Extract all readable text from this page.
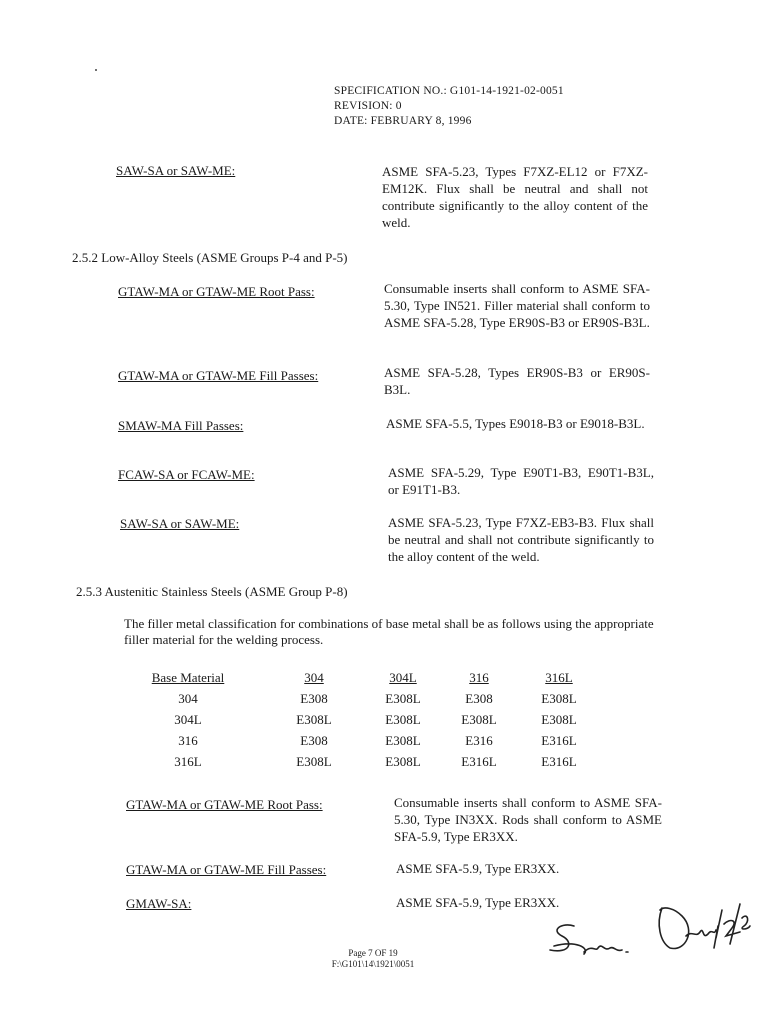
SPECIFICATION NO.: G101-14-1921-02-0051
REVISION: 0
DATE: FEBRUARY 8, 1996
SAW-SA or SAW-ME:	ASME SFA-5.23, Types F7XZ-EL12 or F7XZ-EM12K. Flux shall be neutral and shall not contribute significantly to the alloy content of the weld.
2.5.2 Low-Alloy Steels (ASME Groups P-4 and P-5)
GTAW-MA or GTAW-ME Root Pass:	Consumable inserts shall conform to ASME SFA-5.30, Type IN521. Filler material shall conform to ASME SFA-5.28, Type ER90S-B3 or ER90S-B3L.
GTAW-MA or GTAW-ME Fill Passes:	ASME SFA-5.28, Types ER90S-B3 or ER90S-B3L.
SMAW-MA Fill Passes:	ASME SFA-5.5, Types E9018-B3 or E9018-B3L.
FCAW-SA or FCAW-ME:	ASME SFA-5.29, Type E90T1-B3, E90T1-B3L, or E91T1-B3.
SAW-SA or SAW-ME:	ASME SFA-5.23, Type F7XZ-EB3-B3. Flux shall be neutral and shall not contribute significantly to the alloy content of the weld.
2.5.3 Austenitic Stainless Steels (ASME Group P-8)
The filler metal classification for combinations of base metal shall be as follows using the appropriate filler material for the welding process.
Base Material	304	304L	316	316L
304	E308	E308L	E308	E308L
304L	E308L	E308L	E308L	E308L
316	E308	E308L	E316	E316L
316L	E308L	E308L	E316L	E316L
GTAW-MA or GTAW-ME Root Pass:	Consumable inserts shall conform to ASME SFA-5.30, Type IN3XX. Rods shall conform to ASME SFA-5.9, Type ER3XX.
GTAW-MA or GTAW-ME Fill Passes:	ASME SFA-5.9, Type ER3XX.
GMAW-SA:	ASME SFA-5.9, Type ER3XX.
Page 7 OF 19
F:\G101\14\1921\0051
